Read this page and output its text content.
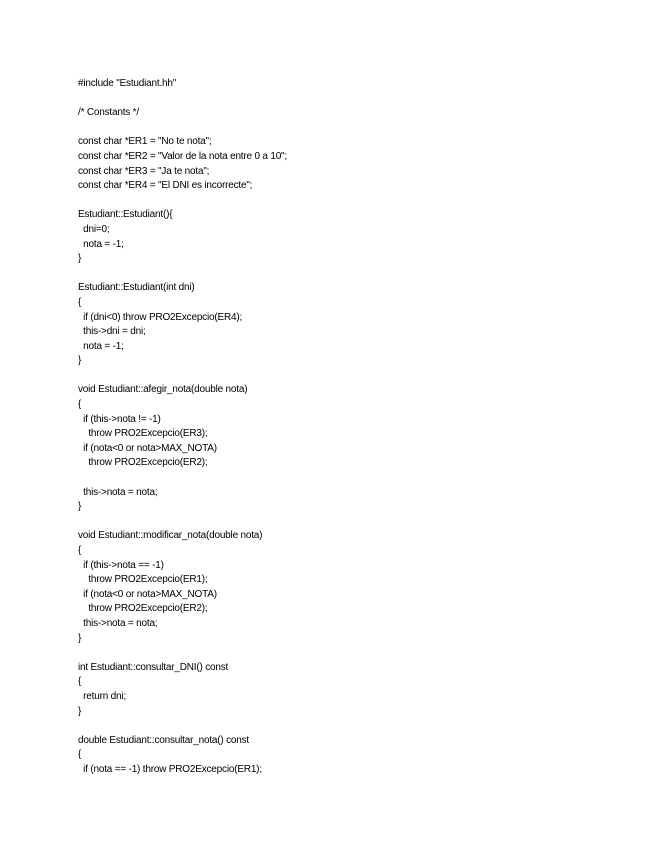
#include "Estudiant.hh"
/* Constants */
const char *ER1 = "No te nota";
const char *ER2 = "Valor de la nota entre 0 a 10";
const char *ER3 = "Ja te nota";
const char *ER4 = "El DNI es incorrecte";
Estudiant::Estudiant(){
dni=0;
nota = -1;
}
Estudiant::Estudiant(int dni)
{
if (dni<0) throw PRO2Excepcio(ER4);
this->dni = dni;
nota = -1;
}
void Estudiant::afegir_nota(double nota)
{
if (this->nota != -1)
throw PRO2Excepcio(ER3);
if (nota<0 or nota>MAX_NOTA)
throw PRO2Excepcio(ER2);
this->nota = nota;
}
void Estudiant::modificar_nota(double nota)
{
if (this->nota == -1)
throw PRO2Excepcio(ER1);
if (nota<0 or nota>MAX_NOTA)
throw PRO2Excepcio(ER2);
this->nota = nota;
}
int Estudiant::consultar_DNI() const
{
return dni;
}
double Estudiant::consultar_nota() const
{
if (nota == -1) throw PRO2Excepcio(ER1);
